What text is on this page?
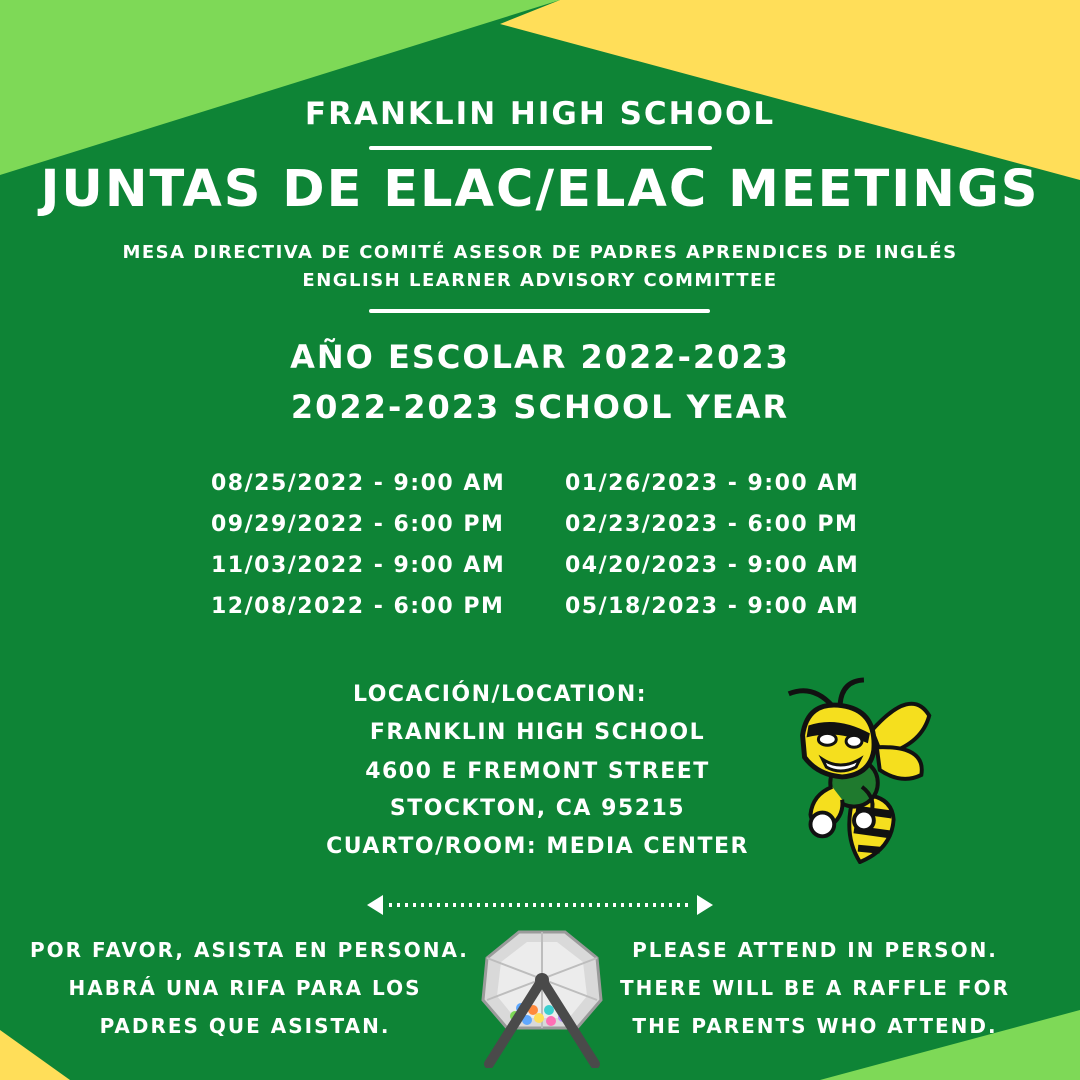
FRANKLIN HIGH SCHOOL
JUNTAS DE ELAC/ELAC MEETINGS
MESA DIRECTIVA DE COMITÉ ASESOR DE PADRES APRENDICES DE INGLÉS
ENGLISH LEARNER ADVISORY COMMITTEE
AÑO ESCOLAR 2022-2023
2022-2023 SCHOOL YEAR
08/25/2022 - 9:00 AM
09/29/2022 - 6:00 PM
11/03/2022 - 9:00 AM
12/08/2022 - 6:00 PM
01/26/2023 - 9:00 AM
02/23/2023 - 6:00 PM
04/20/2023 - 9:00 AM
05/18/2023 - 9:00 AM
LOCACIÓN/LOCATION:
FRANKLIN HIGH SCHOOL
4600 E FREMONT STREET
STOCKTON, CA 95215
CUARTO/ROOM: MEDIA CENTER
POR FAVOR, ASISTA EN PERSONA.
HABRÁ UNA RIFA PARA LOS
PADRES QUE ASISTAN.
PLEASE ATTEND IN PERSON.
THERE WILL BE A RAFFLE FOR
THE PARENTS WHO ATTEND.
